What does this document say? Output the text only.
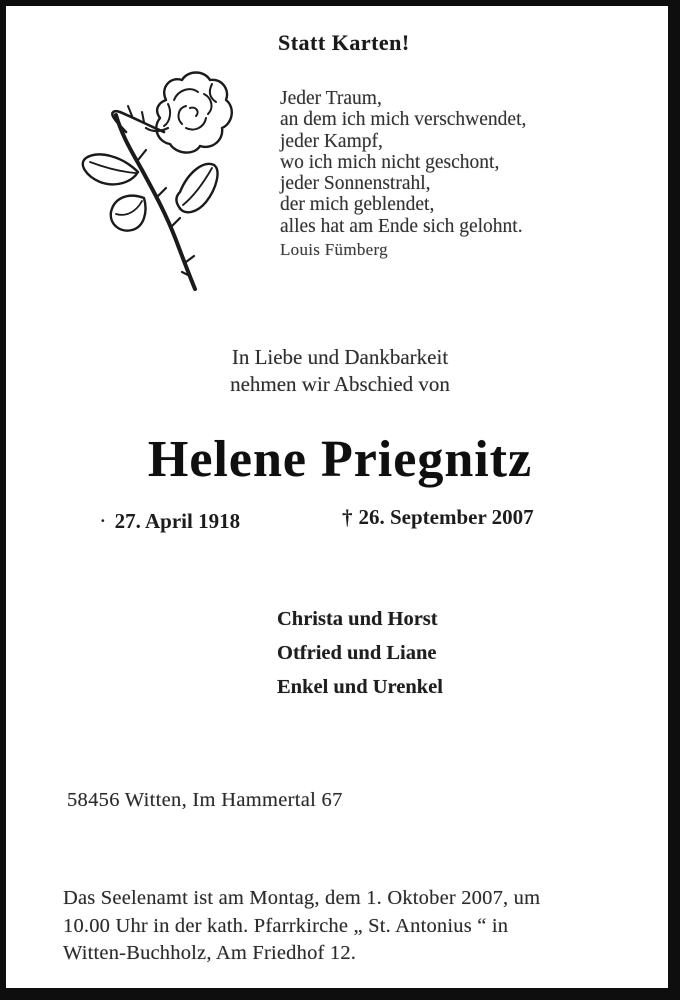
Statt Karten!
Jeder Traum,
an dem ich mich verschwendet,
jeder Kampf,
wo ich mich nicht geschont,
jeder Sonnenstrahl,
der mich geblendet,
alles hat am Ende sich gelohnt.
Louis Fümberg
In Liebe und Dankbarkeit
nehmen wir Abschied von
Helene Priegnitz
· 27. April 1918	† 26. September 2007
Christa und Horst
Otfried und Liane
Enkel und Urenkel
58456 Witten, Im Hammertal 67
Das Seelenamt ist am Montag, dem 1. Oktober 2007, um
10.00 Uhr in der kath. Pfarrkirche „ St. Antonius “ in
Witten-Buchholz, Am Friedhof 12.
